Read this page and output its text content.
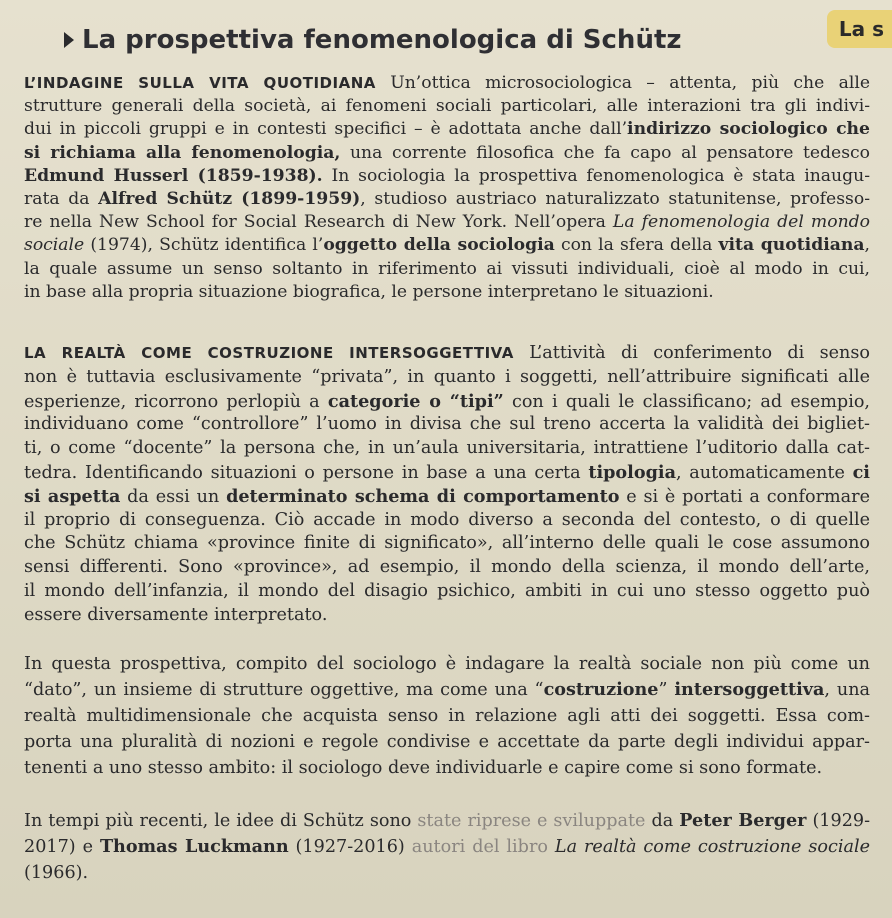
La s
La prospettiva fenomenologica di Schütz
L’INDAGINE SULLA VITA QUOTIDIANA Un’ottica microsociologica – attenta, più che alle
strutture generali della società, ai fenomeni sociali particolari, alle interazioni tra gli indivi-
dui in piccoli gruppi e in contesti specifici – è adottata anche dall’indirizzo sociologico che
si richiama alla fenomenologia, una corrente filosofica che fa capo al pensatore tedesco
Edmund Husserl (1859-1938). In sociologia la prospettiva fenomenologica è stata inaugu-
rata da Alfred Schütz (1899-1959), studioso austriaco naturalizzato statunitense, professo-
re nella New School for Social Research di New York. Nell’opera La fenomenologia del mondo
sociale (1974), Schütz identifica l’oggetto della sociologia con la sfera della vita quotidiana,
la quale assume un senso soltanto in riferimento ai vissuti individuali, cioè al modo in cui,
in base alla propria situazione biografica, le persone interpretano le situazioni.
LA REALTÀ COME COSTRUZIONE INTERSOGGETTIVA L’attività di conferimento di senso
non è tuttavia esclusivamente “privata”, in quanto i soggetti, nell’attribuire significati alle
esperienze, ricorrono perlopiù a categorie o “tipi” con i quali le classificano; ad esempio,
individuano come “controllore” l’uomo in divisa che sul treno accerta la validità dei bigliet-
ti, o come “docente” la persona che, in un’aula universitaria, intrattiene l’uditorio dalla cat-
tedra. Identificando situazioni o persone in base a una certa tipologia, automaticamente ci
si aspetta da essi un determinato schema di comportamento e si è portati a conformare
il proprio di conseguenza. Ciò accade in modo diverso a seconda del contesto, o di quelle
che Schütz chiama «province finite di significato», all’interno delle quali le cose assumono
sensi differenti. Sono «province», ad esempio, il mondo della scienza, il mondo dell’arte,
il mondo dell’infanzia, il mondo del disagio psichico, ambiti in cui uno stesso oggetto può
essere diversamente interpretato.
In questa prospettiva, compito del sociologo è indagare la realtà sociale non più come un
“dato”, un insieme di strutture oggettive, ma come una “costruzione” intersoggettiva, una
realtà multidimensionale che acquista senso in relazione agli atti dei soggetti. Essa com-
porta una pluralità di nozioni e regole condivise e accettate da parte degli individui appar-
tenenti a uno stesso ambito: il sociologo deve individuarle e capire come si sono formate.
In tempi più recenti, le idee di Schütz sono state riprese e sviluppate da Peter Berger (1929-
2017) e Thomas Luckmann (1927-2016) autori del libro La realtà come costruzione sociale
(1966).
